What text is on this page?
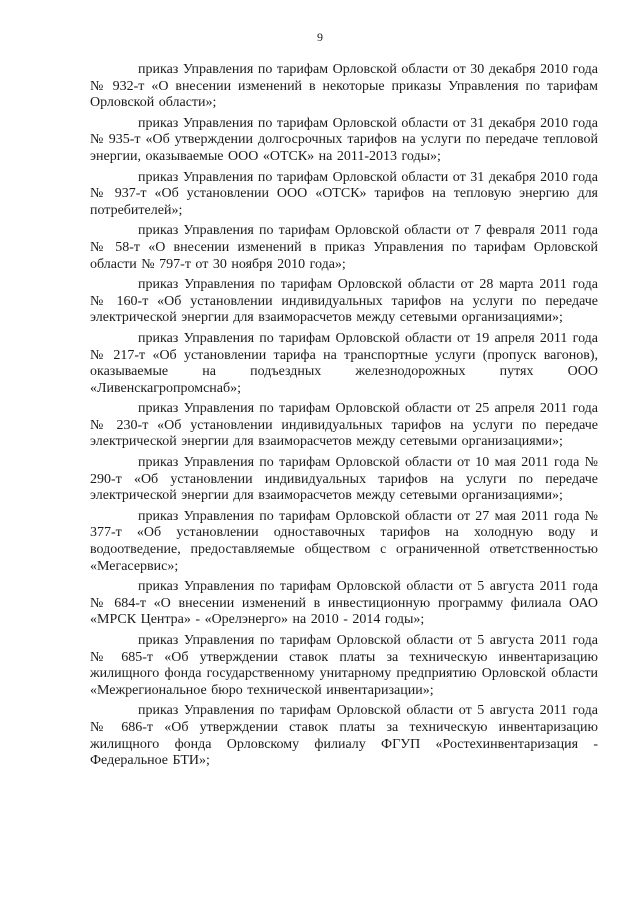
9

приказ Управления по тарифам Орловской области от 30 декабря 2010 года № 932-т «О внесении изменений в некоторые приказы Управления по тарифам Орловской области»;

приказ Управления по тарифам Орловской области от 31 декабря 2010 года № 935-т «Об утверждении долгосрочных тарифов на услуги по передаче тепловой энергии, оказываемые ООО «ОТСК» на 2011-2013 годы»;

приказ Управления по тарифам Орловской области от 31 декабря 2010 года № 937-т «Об установлении ООО «ОТСК» тарифов на тепловую энергию для потребителей»;

приказ Управления по тарифам Орловской области от 7 февраля 2011 года № 58-т «О внесении изменений в приказ Управления по тарифам Орловской области № 797-т от 30 ноября 2010 года»;

приказ Управления по тарифам Орловской области от 28 марта 2011 года № 160-т «Об установлении индивидуальных тарифов на услуги по передаче электрической энергии для взаиморасчетов между сетевыми организациями»;

приказ Управления по тарифам Орловской области от 19 апреля 2011 года № 217-т «Об установлении тарифа на транспортные услуги (пропуск вагонов), оказываемые на подъездных железнодорожных путях ООО «Ливенскагропромснаб»;

приказ Управления по тарифам Орловской области от 25 апреля 2011 года № 230-т «Об установлении индивидуальных тарифов на услуги по передаче электрической энергии для взаиморасчетов между сетевыми организациями»;

приказ Управления по тарифам Орловской области от 10 мая 2011 года № 290-т «Об установлении индивидуальных тарифов на услуги по передаче электрической энергии для взаиморасчетов между сетевыми организациями»;

приказ Управления по тарифам Орловской области от 27 мая 2011 года № 377-т «Об установлении одноставочных тарифов на холодную воду и водоотведение, предоставляемые обществом с ограниченной ответственностью «Мегасервис»;

приказ Управления по тарифам Орловской области от 5 августа 2011 года № 684-т «О внесении изменений в инвестиционную программу филиала ОАО «МРСК Центра» - «Орелэнерго» на 2010 - 2014 годы»;

приказ Управления по тарифам Орловской области от 5 августа 2011 года № 685-т «Об утверждении ставок платы за техническую инвентаризацию жилищного фонда государственному унитарному предприятию Орловской области «Межрегиональное бюро технической инвентаризации»;

приказ Управления по тарифам Орловской области от 5 августа 2011 года № 686-т «Об утверждении ставок платы за техническую инвентаризацию жилищного фонда Орловскому филиалу ФГУП «Ростехинвентаризация - Федеральное БТИ»;
